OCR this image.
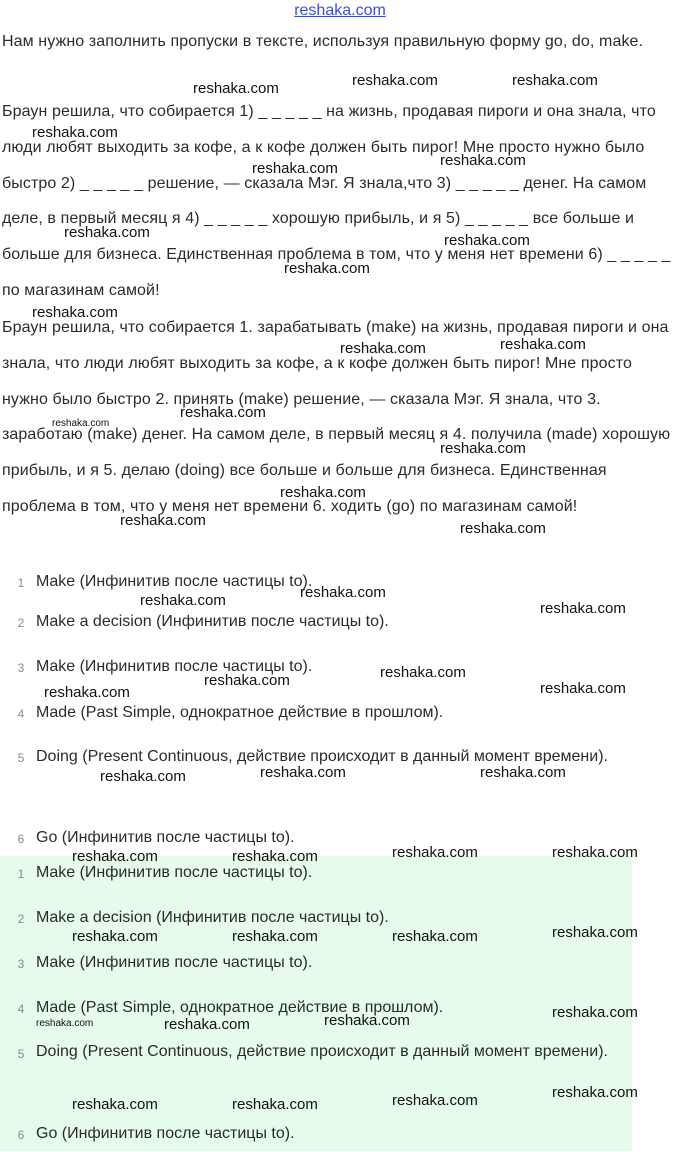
reshaka.com
Нам нужно заполнить пропуски в тексте, используя правильную форму go, do, make.
Браун решила, что собирается 1) _ _ _ _ _ на жизнь, продавая пироги и она знала, что люди любят выходить за кофе, а к кофе должен быть пирог! Мне просто нужно было быстро 2) _ _ _ _ _ решение, — сказала Мэг. Я знала,что 3) _ _ _ _ _ денег. На самом деле, в первый месяц я 4) _ _ _ _ _ хорошую прибыль, и я 5) _ _ _ _ _ все больше и больше для бизнеса. Единственная проблема в том, что у меня нет времени 6) _ _ _ _ _ по магазинам самой!
Браун решила, что собирается 1. зарабатывать (make) на жизнь, продавая пироги и она знала, что люди любят выходить за кофе, а к кофе должен быть пирог! Мне просто нужно было быстро 2. принять (make) решение, — сказала Мэг. Я знала, что 3. заработаю (make) денег. На самом деле, в первый месяц я 4. получила (made) хорошую прибыль, и я 5. делаю (doing) все больше и больше для бизнеса. Единственная проблема в том, что у меня нет времени 6. ходить (go) по магазинам самой!
1 Make (Инфинитив после частицы to).
2 Make a decision (Инфинитив после частицы to).
3 Make (Инфинитив после частицы to).
4 Made (Past Simple, однократное действие в прошлом).
5 Doing (Present Continuous, действие происходит в данный момент времени).
6 Go (Инфинитив после частицы to).
1 Make (Инфинитив после частицы to).
2 Make a decision (Инфинитив после частицы to).
3 Make (Инфинитив после частицы to).
4 Made (Past Simple, однократное действие в прошлом).
5 Doing (Present Continuous, действие происходит в данный момент времени).
6 Go (Инфинитив после частицы to).
reshaka.com	reshaka.com	reshaka.com
reshaka.com
reshaka.com
reshaka.com
reshaka.com	reshaka.com
reshaka.com
reshaka.com
reshaka.com
reshaka.com
reshaka.com
reshaka.com
reshaka.com
reshaka.com
reshaka.com	reshaka.com
reshaka.com
reshaka.com	reshaka.com
reshaka.com
reshaka.com	reshaka.com
reshaka.com
reshaka.com	reshaka.com	reshaka.com
reshaka.com	reshaka.com	reshaka.com	reshaka.com
reshaka.com	reshaka.com	reshaka.com	reshaka.com
reshaka.com
reshaka.com	reshaka.com	reshaka.com
reshaka.com
reshaka.com	reshaka.com	reshaka.com
